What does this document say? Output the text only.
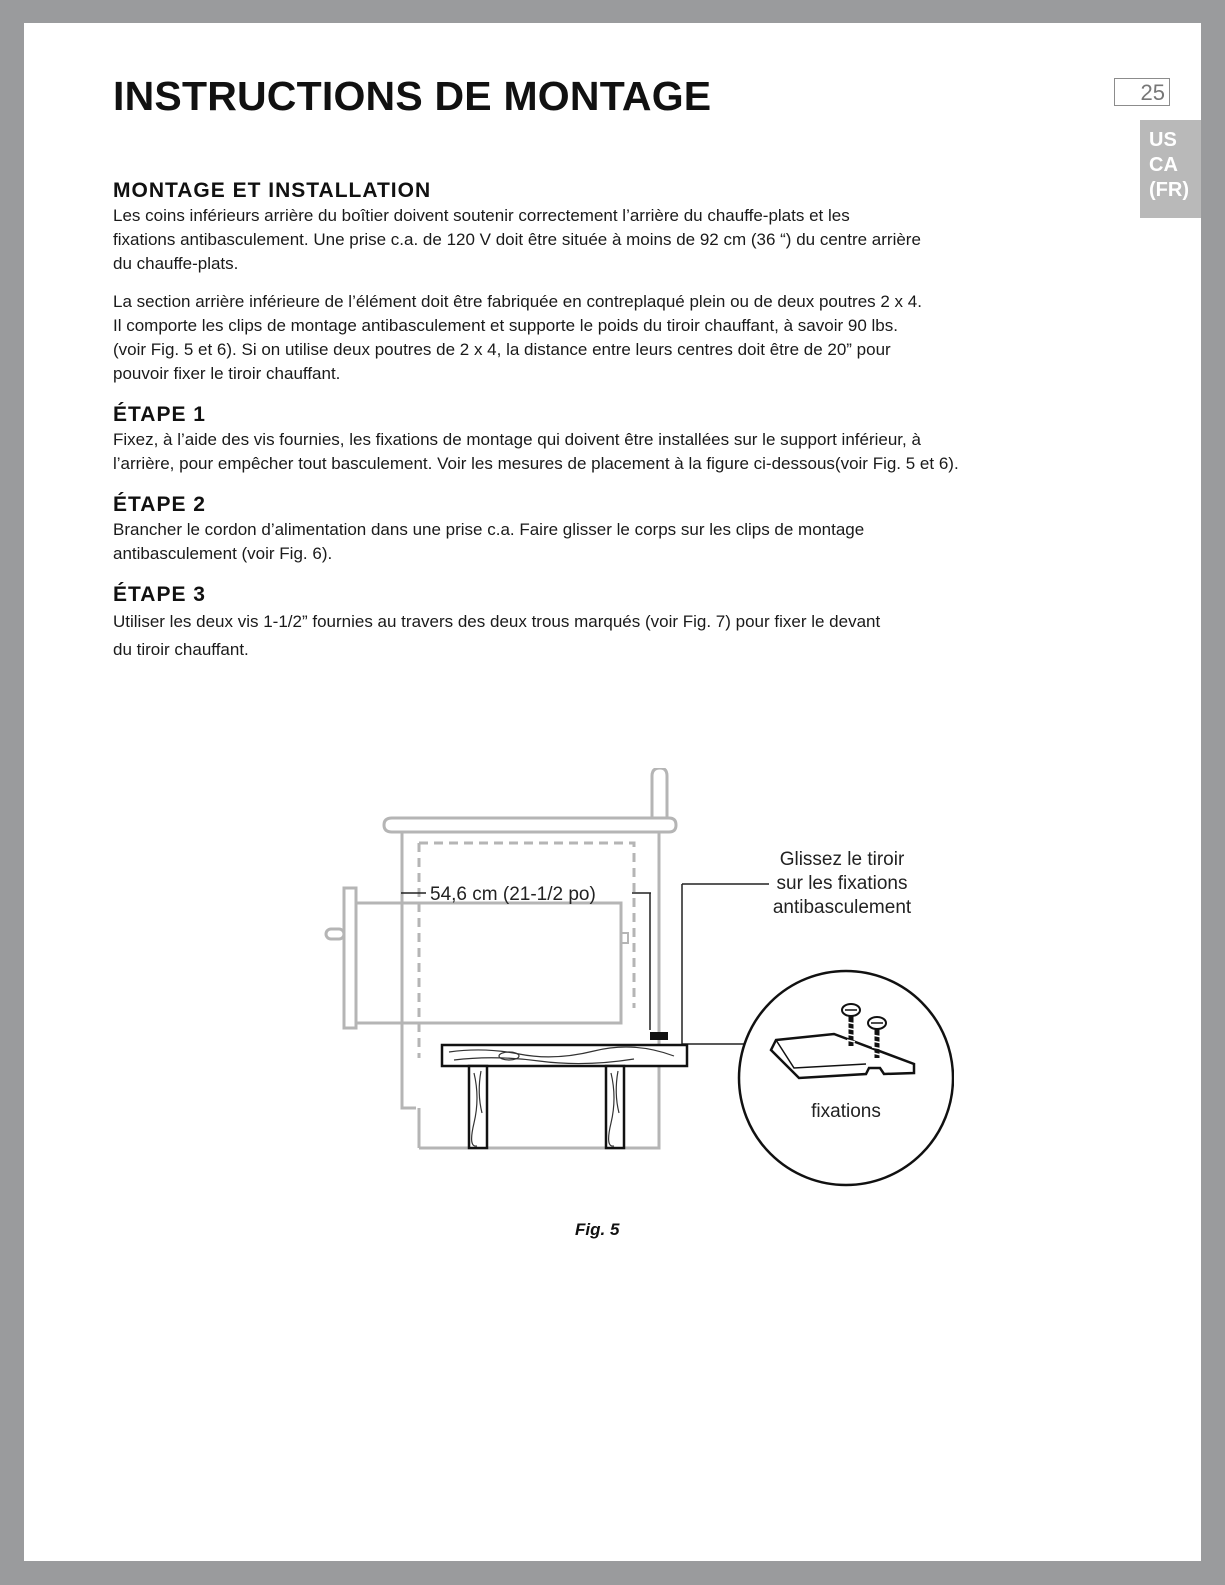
INSTRUCTIONS DE MONTAGE	25
US
CA
(FR)
MONTAGE ET INSTALLATION

Les coins inférieurs arrière du boîtier doivent soutenir correctement l’arrière du chauffe-plats et les
fixations antibasculement. Une prise c.a. de 120 V doit être située à moins de 92 cm (36 “) du centre arrière
du chauffe-plats.

La section arrière inférieure de l’élément doit être fabriquée en contreplaqué plein ou de deux poutres 2 x 4.
Il comporte les clips de montage antibasculement et supporte le poids du tiroir chauffant, à savoir 90 lbs.
(voir Fig. 5 et 6). Si on utilise deux poutres de 2 x 4, la distance entre leurs centres doit être de 20” pour
pouvoir fixer le tiroir chauffant.

ÉTAPE 1

Fixez, à l’aide des vis fournies, les fixations de montage qui doivent être installées sur le support inférieur, à
l’arrière, pour empêcher tout basculement. Voir les mesures de placement à la figure ci-dessous(voir Fig. 5 et 6).

ÉTAPE 2

Brancher le cordon d’alimentation dans une prise c.a. Faire glisser le corps sur les clips de montage
antibasculement (voir Fig. 6).

ÉTAPE 3

Utiliser les deux vis 1-1/2” fournies au travers des deux trous marqués (voir Fig. 7) pour fixer le devant
du tiroir chauffant.

54,6 cm (21-1/2 po)
Glissez le tiroir
sur les fixations
antibasculement
fixations
Fig. 5
